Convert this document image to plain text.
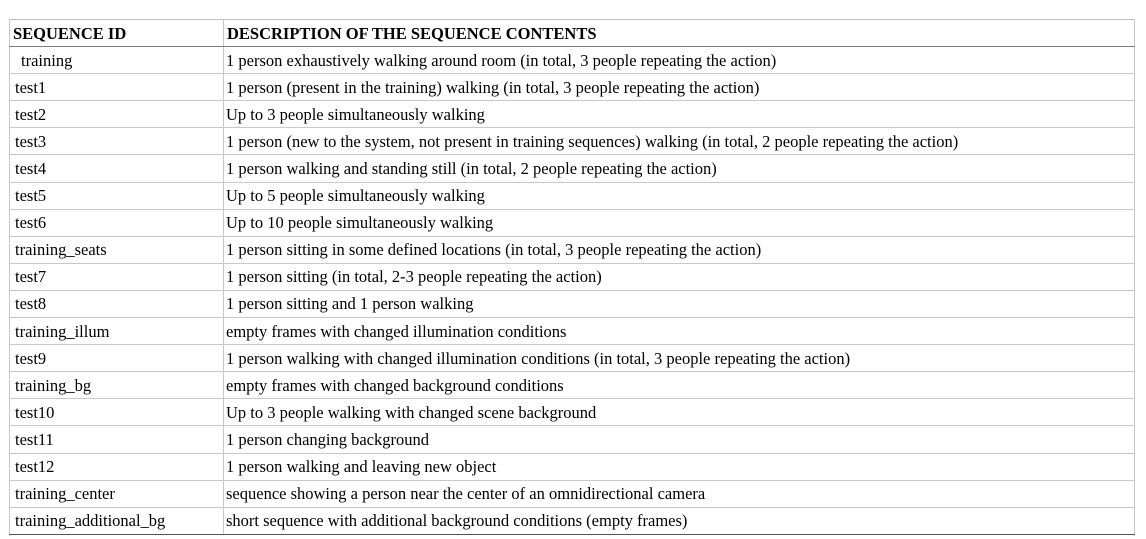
SEQUENCE ID	DESCRIPTION OF THE SEQUENCE CONTENTS
training	1 person exhaustively walking around room (in total, 3 people repeating the action)
test1	1 person (present in the training) walking (in total, 3 people repeating the action)
test2	Up to 3 people simultaneously walking
test3	1 person (new to the system, not present in training sequences) walking (in total, 2 people repeating the action)
test4	1 person walking and standing still (in total, 2 people repeating the action)
test5	Up to 5 people simultaneously walking
test6	Up to 10 people simultaneously walking
training_seats	1 person sitting in some defined locations (in total, 3 people repeating the action)
test7	1 person sitting (in total, 2-3 people repeating the action)
test8	1 person sitting and 1 person walking
training_illum	empty frames with changed illumination conditions
test9	1 person walking with changed illumination conditions (in total, 3 people repeating the action)
training_bg	empty frames with changed background conditions
test10	Up to 3 people walking with changed scene background
test11	1 person changing background
test12	1 person walking and leaving new object
training_center	sequence showing a person near the center of an omnidirectional camera
training_additional_bg	short sequence with additional background conditions (empty frames)
